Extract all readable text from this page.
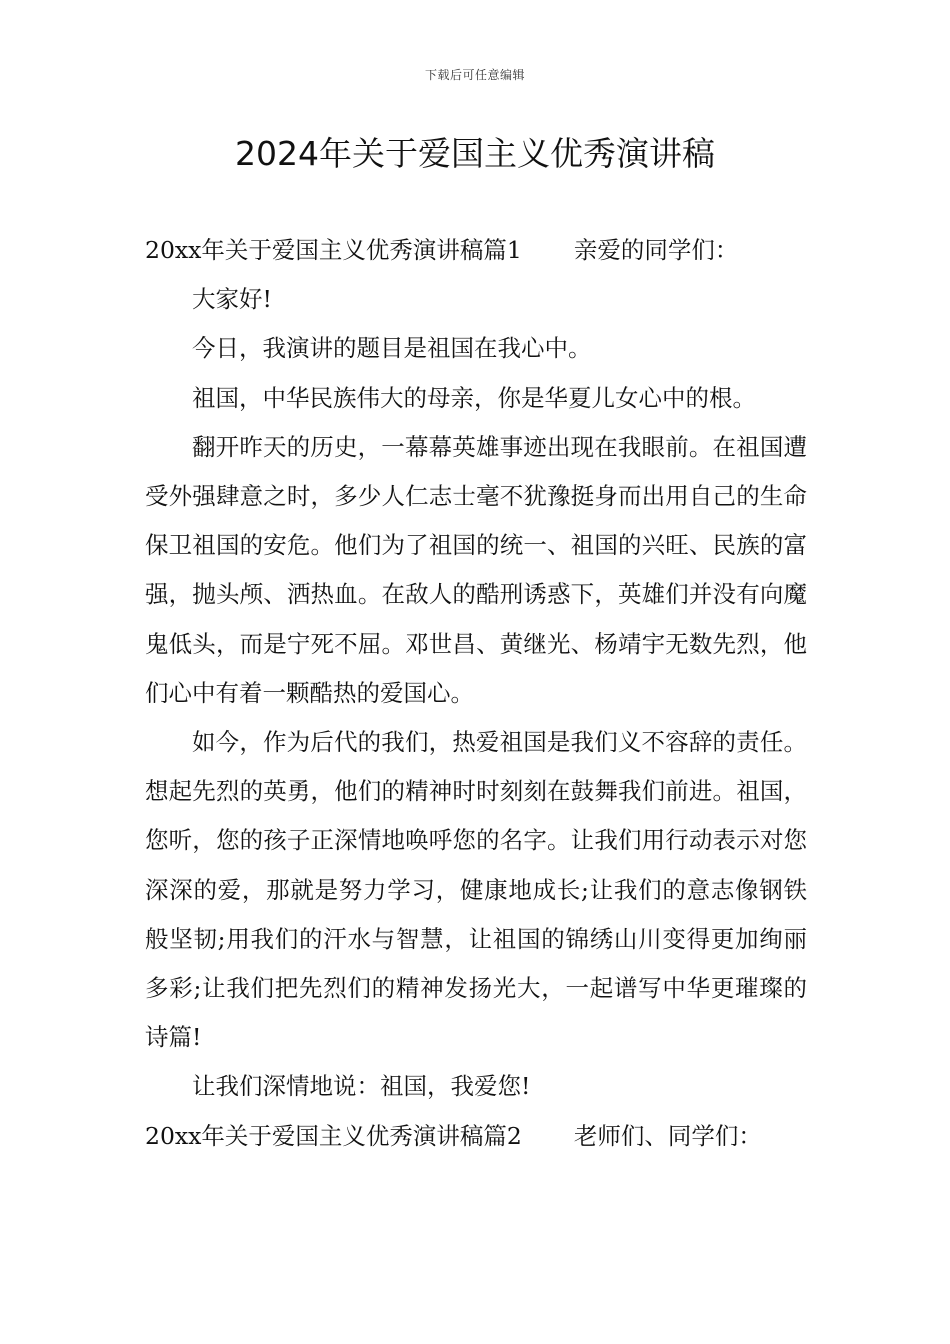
下载后可任意编辑
2024年关于爱国主义优秀演讲稿

20xx年关于爱国主义优秀演讲稿篇1 亲爱的同学们：

大家好!

今日，我演讲的题目是祖国在我心中。

祖国，中华民族伟大的母亲，你是华夏儿女心中的根。

翻开昨天的历史，一幕幕英雄事迹出现在我眼前。在祖国遭受外强肆意之时，多少人仁志士毫不犹豫挺身而出用自己的生命保卫祖国的安危。他们为了祖国的统一、祖国的兴旺、民族的富强，抛头颅、洒热血。在敌人的酷刑诱惑下，英雄们并没有向魔鬼低头，而是宁死不屈。邓世昌、黄继光、杨靖宇无数先烈，他们心中有着一颗酷热的爱国心。

如今，作为后代的我们，热爱祖国是我们义不容辞的责任。想起先烈的英勇，他们的精神时时刻刻在鼓舞我们前进。祖国，您听，您的孩子正深情地唤呼您的名字。让我们用行动表示对您深深的爱，那就是努力学习，健康地成长;让我们的意志像钢铁般坚韧;用我们的汗水与智慧，让祖国的锦绣山川变得更加绚丽多彩;让我们把先烈们的精神发扬光大，一起谱写中华更璀璨的诗篇!

让我们深情地说：祖国，我爱您!

20xx年关于爱国主义优秀演讲稿篇2 老师们、同学们：
